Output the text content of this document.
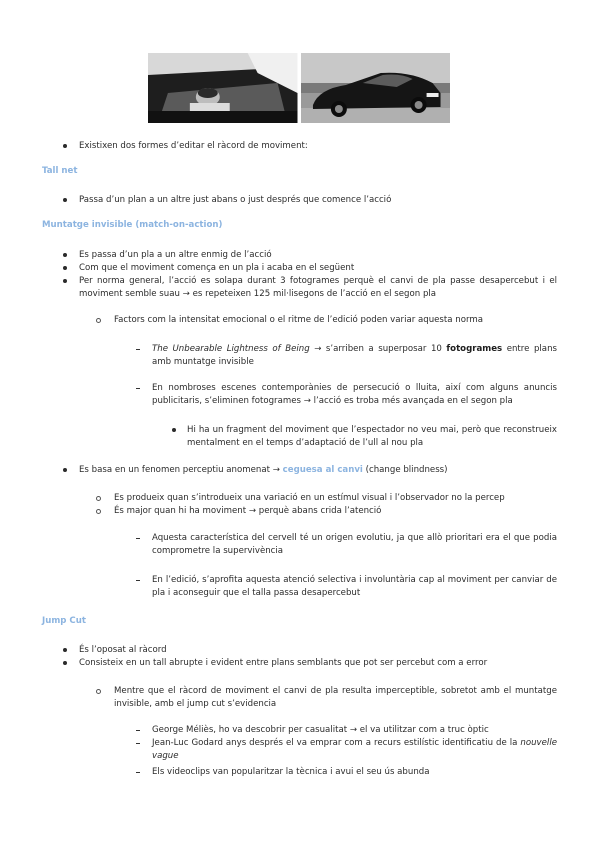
Existixen dos formes d’editar el ràcord de moviment:
Tall net
Passa d’un plan a un altre just abans o just després que comence l’acció
Muntatge invisible (match-on-action)
Es passa d’un pla a un altre enmig de l’acció
Com que el moviment comença en un pla i acaba en el següent
Per norma general, l’acció es solapa durant 3 fotogrames perquè el canvi de pla passe desapercebut i el moviment semble suau → es repeteixen 125 mil·lisegons de l’acció en el segon pla
Factors com la intensitat emocional o el ritme de l’edició poden variar aquesta norma
The Unbearable Lightness of Being → s’arriben a superposar 10 fotogrames entre plans amb muntatge invisible
En nombroses escenes contemporànies de persecució o lluita, així com alguns anuncis publicitaris, s’eliminen fotogrames → l’acció es troba més avançada en el segon pla
Hi ha un fragment del moviment que l’espectador no veu mai, però que reconstrueix mentalment en el temps d’adaptació de l’ull al nou pla
Es basa en un fenomen perceptiu anomenat → ceguesa al canvi (change blindness)
Es produeix quan s’introdueix una variació en un estímul visual i l’observador no la percep
És major quan hi ha moviment → perquè abans crida l’atenció
Aquesta característica del cervell té un origen evolutiu, ja que allò prioritari era el que podia comprometre la supervivència
En l’edició, s’aprofita aquesta atenció selectiva i involuntària cap al moviment per canviar de pla i aconseguir que el talla passa desapercebut
Jump Cut
És l’oposat al ràcord
Consisteix en un tall abrupte i evident entre plans semblants que pot ser percebut com a error
Mentre que el ràcord de moviment el canvi de pla resulta imperceptible, sobretot amb el muntatge invisible, amb el jump cut s’evidencia
George Méliès, ho va descobrir per casualitat → el va utilitzar com a truc òptic
Jean-Luc Godard anys després el va emprar com a recurs estilístic identificatiu de la nouvelle vague
Els videoclips van popularitzar la tècnica i avui el seu ús abunda
